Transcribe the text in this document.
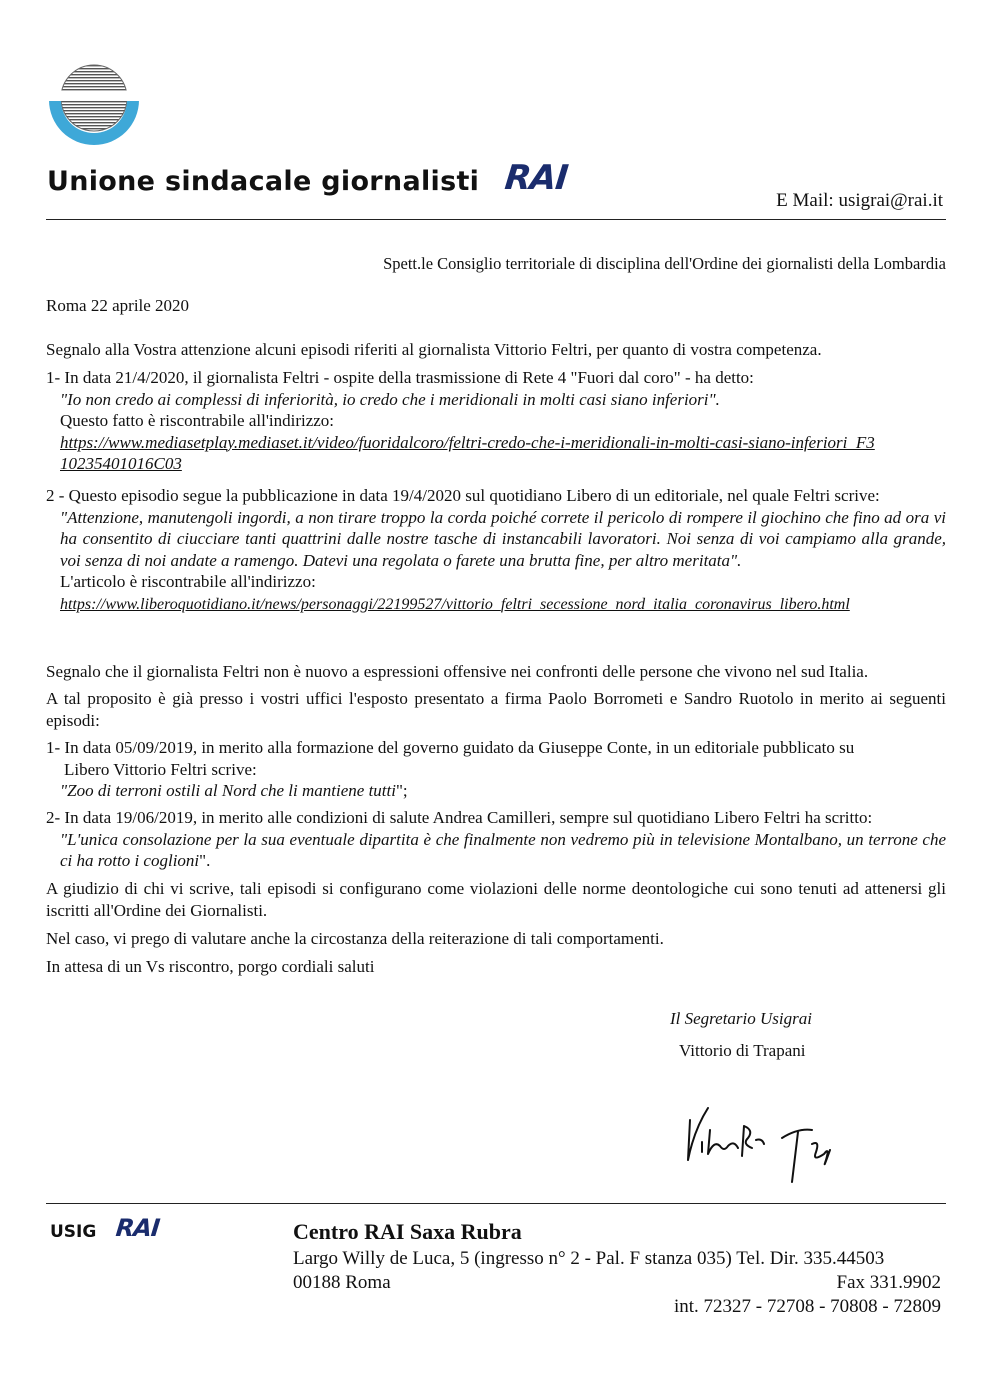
Unione sindacale giornalisti RAI
E Mail: usigrai@rai.it
Spett.le Consiglio territoriale di disciplina dell'Ordine dei giornalisti della Lombardia
Roma 22 aprile 2020
Segnalo alla Vostra attenzione alcuni episodi riferiti al giornalista Vittorio Feltri, per quanto di vostra competenza.
1- In data 21/4/2020, il giornalista Feltri - ospite della trasmissione di Rete 4 "Fuori dal coro" - ha detto:
"Io non credo ai complessi di inferiorità, io credo che i meridionali in molti casi siano inferiori".
Questo fatto è riscontrabile all'indirizzo:
https://www.mediasetplay.mediaset.it/video/fuoridalcoro/feltri-credo-che-i-meridionali-in-molti-casi-siano-inferiori_F310235401016C03
2 - Questo episodio segue la pubblicazione in data 19/4/2020 sul quotidiano Libero di un editoriale, nel quale Feltri scrive:
"Attenzione, manutengoli ingordi, a non tirare troppo la corda poiché correte il pericolo di rompere il giochino che fino ad ora vi ha consentito di ciucciare tanti quattrini dalle nostre tasche di instancabili lavoratori. Noi senza di voi campiamo alla grande, voi senza di noi andate a ramengo. Datevi una regolata o farete una brutta fine, per altro meritata".
L'articolo è riscontrabile all'indirizzo:
https://www.liberoquotidiano.it/news/personaggi/22199527/vittorio_feltri_secessione_nord_italia_coronavirus_libero.html
Segnalo che il giornalista Feltri non è nuovo a espressioni offensive nei confronti delle persone che vivono nel sud Italia.
A tal proposito è già presso i vostri uffici l'esposto presentato a firma Paolo Borrometi e Sandro Ruotolo in merito ai seguenti episodi:
1- In data 05/09/2019, in merito alla formazione del governo guidato da Giuseppe Conte, in un editoriale pubblicato su
Libero Vittorio Feltri scrive:
"Zoo di terroni ostili al Nord che li mantiene tutti";
2- In data 19/06/2019, in merito alle condizioni di salute Andrea Camilleri, sempre sul quotidiano Libero Feltri ha scritto:
"L'unica consolazione per la sua eventuale dipartita è che finalmente non vedremo più in televisione Montalbano, un terrone che ci ha rotto i coglioni".
A giudizio di chi vi scrive, tali episodi si configurano come violazioni delle norme deontologiche cui sono tenuti ad attenersi gli iscritti all'Ordine dei Giornalisti.
Nel caso, vi prego di valutare anche la circostanza della reiterazione di tali comportamenti.
In attesa di un Vs riscontro, porgo cordiali saluti
Il Segretario Usigrai
Vittorio di Trapani
USIG RAI	Centro RAI Saxa Rubra
Largo Willy de Luca, 5 (ingresso n° 2 - Pal. F stanza 035) Tel. Dir. 335.44503
00188 Roma	Fax 331.9902
int. 72327 - 72708 - 70808 - 72809
